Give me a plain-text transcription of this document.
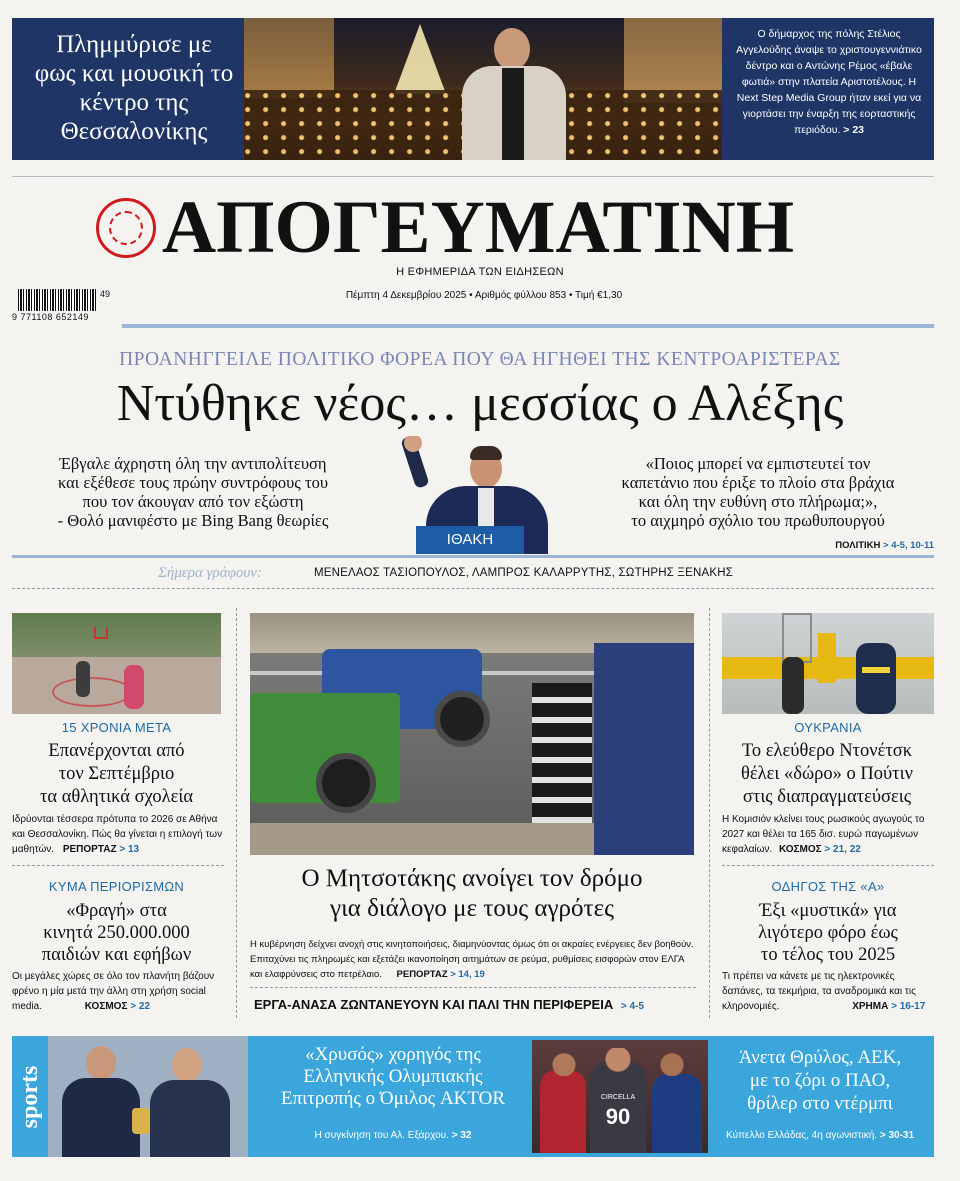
Πλημμύρισε με φως και μουσική το κέντρο της Θεσσαλονίκης
Ο δήμαρχος της πόλης Στέλιος Αγγελούδης άναψε το χριστουγεννιάτικο δέντρο και ο Αντώνης Ρέμος «έβαλε φωτιά» στην πλατεία Αριστοτέλους. Η Next Step Media Group ήταν εκεί για να γιορτάσει την έναρξη της εορταστικής περιόδου. > 23
ΑΠΟΓΕΥΜΑΤΙΝΗ
Η ΕΦΗΜΕΡΙΔΑ ΤΩΝ ΕΙΔΗΣΕΩΝ
49
9 771108 652149
Πέμπτη 4 Δεκεμβρίου 2025 • Αριθμός φύλλου 853 • Τιμή €1,30
ΠΡΟΑΝΗΓΓΕΙΛΕ ΠΟΛΙΤΙΚΟ ΦΟΡΕΑ ΠΟΥ ΘΑ ΗΓΗΘΕΙ ΤΗΣ ΚΕΝΤΡΟΑΡΙΣΤΕΡΑΣ
Ντύθηκε νέος… μεσσίας ο Αλέξης
Έβγαλε άχρηστη όλη την αντιπολίτευση
και εξέθεσε τους πρώην συντρόφους του
που τον άκουγαν από τον εξώστη
- Θολό μανιφέστο με Bing Bang θεωρίες
ΙΘΑΚΗ
«Ποιος μπορεί να εμπιστευτεί τον
καπετάνιο που έριξε το πλοίο στα βράχια
και όλη την ευθύνη στο πλήρωμα;»,
το αιχμηρό σχόλιο του πρωθυπουργού
ΠΟΛΙΤΙΚΗ > 4-5, 10-11
Σήμερα γράφουν:	ΜΕΝΕΛΑΟΣ ΤΑΣΙΟΠΟΥΛΟΣ, ΛΑΜΠΡΟΣ ΚΑΛΑΡΡΥΤΗΣ, ΣΩΤΗΡΗΣ ΞΕΝΑΚΗΣ
15 ΧΡΟΝΙΑ ΜΕΤΑ
Επανέρχονται από
τον Σεπτέμβριο
τα αθλητικά σχολεία
Ιδρύονται τέσσερα πρότυπα το 2026 σε Αθήνα και Θεσσαλονίκη. Πώς θα γίνεται η επιλογή των μαθητών. ΡΕΠΟΡΤΑΖ > 13
ΚΥΜΑ ΠΕΡΙΟΡΙΣΜΩΝ
«Φραγή» στα
κινητά 250.000.000
παιδιών και εφήβων
Οι μεγάλες χώρες σε όλο τον πλανήτη βάζουν φρένο η μία μετά την άλλη στη χρήση social media.	ΚΟΣΜΟΣ > 22
Ο Μητσοτάκης ανοίγει τον δρόμο
για διάλογο με τους αγρότες
Η κυβέρνηση δείχνει ανοχή στις κινητοποιήσεις, διαμηνύοντας όμως ότι οι ακραίες ενέργειες δεν βοηθούν. Επιταχύνει τις πληρωμές και εξετάζει ικανοποίηση αιτημάτων σε ρεύμα, ρυθμίσεις εισφορών στον ΕΛΓΑ και ελαφρύνσεις στο πετρέλαιο. ΡΕΠΟΡΤΑΖ > 14, 19
ΕΡΓΑ-ΑΝΑΣΑ ΖΩΝΤΑΝΕΥΟΥΝ ΚΑΙ ΠΑΛΙ ΤΗΝ ΠΕΡΙΦΕΡΕΙΑ > 4-5
ΟΥΚΡΑΝΙΑ
Το ελεύθερο Ντονέτσκ
θέλει «δώρο» ο Πούτιν
στις διαπραγματεύσεις
Η Κομισιόν κλείνει τους ρωσικούς αγωγούς το 2027 και θέλει τα 165 δισ. ευρώ παγωμένων κεφαλαίων. ΚΟΣΜΟΣ > 21, 22
ΟΔΗΓΟΣ ΤΗΣ «Α»
Έξι «μυστικά» για
λιγότερο φόρο έως
το τέλος του 2025
Τι πρέπει να κάνετε με τις ηλεκτρονικές δαπάνες, τα τεκμήρια, τα αναδρομικά και τις κληρονομιές.	ΧΡΗΜΑ > 16-17
sports
«Χρυσός» χορηγός της
Ελληνικής Ολυμπιακής
Επιτροπής ο Όμιλος AKTOR
Η συγκίνηση του Αλ. Εξάρχου. > 32
CIRCELLA
90
Άνετα Θρύλος, ΑΕΚ,
με το ζόρι ο ΠΑΟ,
θρίλερ στο ντέρμπι
Κύπελλο Ελλάδας, 4η αγωνιστική. > 30-31
